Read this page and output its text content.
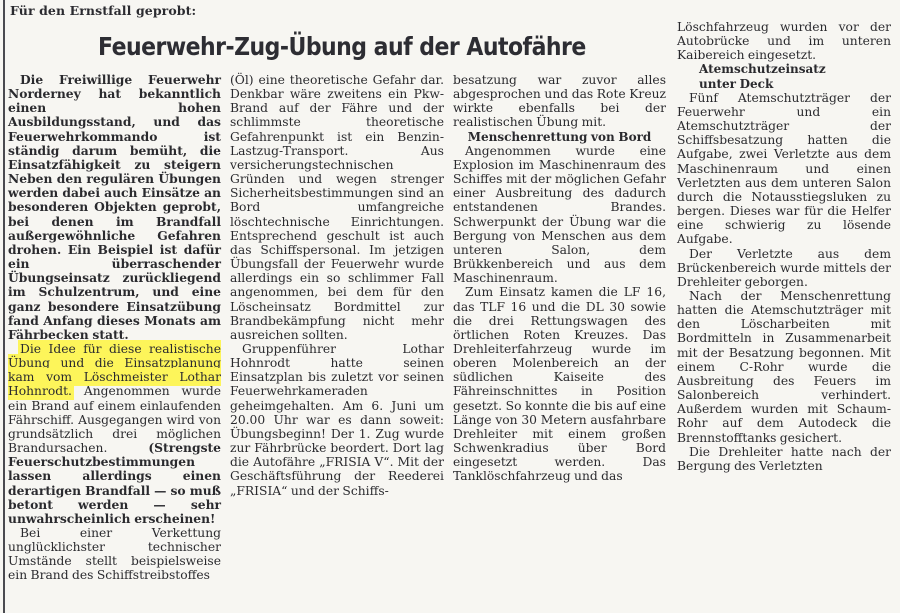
Für den Ernstfall geprobt:
Feuerwehr-Zug-Übung auf der Autofähre

Die Freiwillige Feuerwehr Norderney hat bekanntlich einen hohen Ausbildungsstand, und das Feuerwehrkommando ist ständig darum bemüht, die Einsatzfähigkeit zu steigern Neben den regulären Übungen werden dabei auch Einsätze an besonderen Objekten geprobt, bei denen im Brandfall außergewöhnliche Gefahren drohen. Ein Beispiel ist dafür ein überraschender Übungseinsatz zurückliegend im Schulzentrum, und eine ganz besondere Einsatzübung fand Anfang dieses Monats am Fährbecken statt.

Die Idee für diese realistische Übung und die Einsatzplanung kam vom Löschmeister Lothar Hohnrodt. Angenommen wurde ein Brand auf einem einlaufenden Fährschiff. Ausgegangen wird von grundsätzlich drei möglichen Brandursachen. (Strengste Feuerschutzbestimmungen lassen allerdings einen derartigen Brandfall — so muß betont werden — sehr unwahrscheinlich erscheinen!

Bei einer Verkettung unglücklichster technischer Umstände stellt beispielsweise ein Brand des Schiffstreibstoffes

(Öl) eine theoretische Gefahr dar. Denkbar wäre zweitens ein Pkw-Brand auf der Fähre und der schlimmste theoretische Gefahrenpunkt ist ein Benzin-Lastzug-Transport. Aus versicherungstechnischen Gründen und wegen strenger Sicherheitsbestimmungen sind an Bord umfangreiche löschtechnische Einrichtungen. Entsprechend geschult ist auch das Schiffspersonal. Im jetzigen Übungsfall der Feuerwehr wurde allerdings ein so schlimmer Fall angenommen, bei dem für den Löscheinsatz Bordmittel zur Brandbekämpfung nicht mehr ausreichen sollten.

Gruppenführer Lothar Hohnrodt hatte seinen Einsatzplan bis zuletzt vor seinen Feuerwehrkameraden geheimgehalten. Am 6. Juni um 20.00 Uhr war es dann soweit: Übungsbeginn! Der 1. Zug wurde zur Fährbrücke beordert. Dort lag die Autofähre „FRISIA V“. Mit der Geschäftsführung der Reederei „FRISIA“ und der Schiffs-

besatzung war zuvor alles abgesprochen und das Rote Kreuz wirkte ebenfalls bei der realistischen Übung mit.

Menschenrettung von Bord

Angenommen wurde eine Explosion im Maschinenraum des Schiffes mit der möglichen Gefahr einer Ausbreitung des dadurch entstandenen Brandes. Schwerpunkt der Übung war die Bergung von Menschen aus dem unteren Salon, dem Brükkenbereich und aus dem Maschinenraum.

Zum Einsatz kamen die LF 16, das TLF 16 und die DL 30 sowie die drei Rettungswagen des örtlichen Roten Kreuzes. Das Drehleiterfahrzeug wurde im oberen Molenbereich an der südlichen Kaiseite des Fähreinschnittes in Position gesetzt. So konnte die bis auf eine Länge von 30 Metern ausfahrbare Drehleiter mit einem großen Schwenkradius über Bord eingesetzt werden. Das Tanklöschfahrzeug und das

Löschfahrzeug wurden vor der Autobrücke und im unteren Kaibereich eingesetzt.

Atemschutzeinsatz

unter Deck

Fünf Atemschutzträger der Feuerwehr und ein Atemschutzträger der Schiffsbesatzung hatten die Aufgabe, zwei Verletzte aus dem Maschinenraum und einen Verletzten aus dem unteren Salon durch die Notausstiegsluken zu bergen. Dieses war für die Helfer eine schwierig zu lösende Aufgabe.

Der Verletzte aus dem Brückenbereich wurde mittels der Drehleiter geborgen.

Nach der Menschenrettung hatten die Atemschutzträger mit den Löscharbeiten mit Bordmitteln in Zusammenarbeit mit der Besatzung begonnen. Mit einem C-Rohr wurde die Ausbreitung des Feuers im Salonbereich verhindert. Außerdem wurden mit Schaum-Rohr auf dem Autodeck die Brennstofftanks gesichert.

Die Drehleiter hatte nach der Bergung des Verletzten
